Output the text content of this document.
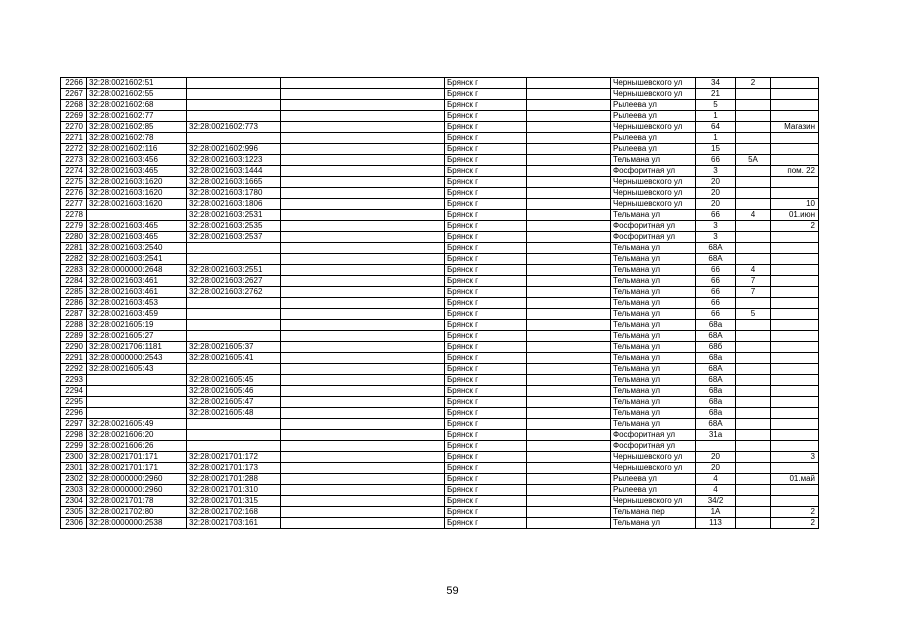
2266	32:28:0021602:51			Брянск г		Чернышевского ул	34	2	
2267	32:28:0021602:55			Брянск г		Чернышевского ул	21		
2268	32:28:0021602:68			Брянск г		Рылеева ул	5		
2269	32:28:0021602:77			Брянск г		Рылеева ул	1		
2270	32:28:0021602:85	32:28:0021602:773		Брянск г		Чернышевского ул	64		Магазин
2271	32:28:0021602:78			Брянск г		Рылеева ул	1		
2272	32:28:0021602:116	32:28:0021602:996		Брянск г		Рылеева ул	15		
2273	32:28:0021603:456	32:28:0021603:1223		Брянск г		Тельмана ул	66	5А	
2274	32:28:0021603:465	32:28:0021603:1444		Брянск г		Фосфоритная ул	3		пом. 22
2275	32:28:0021603:1620	32:28:0021603:1665		Брянск г		Чернышевского ул	20		
2276	32:28:0021603:1620	32:28:0021603:1780		Брянск г		Чернышевского ул	20		
2277	32:28:0021603:1620	32:28:0021603:1806		Брянск г		Чернышевского ул	20		10
2278		32:28:0021603:2531		Брянск г		Тельмана ул	66	4	01.июн
2279	32:28:0021603:465	32:28:0021603:2535		Брянск г		Фосфоритная ул	3		2
2280	32:28:0021603:465	32:28:0021603:2537		Брянск г		Фосфоритная ул	3		
2281	32:28:0021603:2540			Брянск г		Тельмана ул	68А		
2282	32:28:0021603:2541			Брянск г		Тельмана ул	68А		
2283	32:28:0000000:2648	32:28:0021603:2551		Брянск г		Тельмана ул	66	4	
2284	32:28:0021603:461	32:28:0021603:2627		Брянск г		Тельмана ул	66	7	
2285	32:28:0021603:461	32:28:0021603:2762		Брянск г		Тельмана ул	66	7	
2286	32:28:0021603:453			Брянск г		Тельмана ул	66		
2287	32:28:0021603:459			Брянск г		Тельмана ул	66	5	
2288	32:28:0021605:19			Брянск г		Тельмана ул	68а		
2289	32:28:0021605:27			Брянск г		Тельмана ул	68А		
2290	32:28:0021706:1181	32:28:0021605:37		Брянск г		Тельмана ул	68б		
2291	32:28:0000000:2543	32:28:0021605:41		Брянск г		Тельмана ул	68а		
2292	32:28:0021605:43			Брянск г		Тельмана ул	68А		
2293		32:28:0021605:45		Брянск г		Тельмана ул	68А		
2294		32:28:0021605:46		Брянск г		Тельмана ул	68а		
2295		32:28:0021605:47		Брянск г		Тельмана ул	68а		
2296		32:28:0021605:48		Брянск г		Тельмана ул	68а		
2297	32:28:0021605:49			Брянск г		Тельмана ул	68А		
2298	32:28:0021606:20			Брянск г		Фосфоритная ул	31а		
2299	32:28:0021606:26			Брянск г		Фосфоритная ул			
2300	32:28:0021701:171	32:28:0021701:172		Брянск г		Чернышевского ул	20		3
2301	32:28:0021701:171	32:28:0021701:173		Брянск г		Чернышевского ул	20		
2302	32:28:0000000:2960	32:28:0021701:288		Брянск г		Рылеева ул	4		01.май
2303	32:28:0000000:2960	32:28:0021701:310		Брянск г		Рылеева ул	4		
2304	32:28:0021701:78	32:28:0021701:315		Брянск г		Чернышевского ул	34/2		
2305	32:28:0021702:80	32:28:0021702:168		Брянск г		Тельмана пер	1А		2
2306	32:28:0000000:2538	32:28:0021703:161		Брянск г		Тельмана ул	113		2
59
